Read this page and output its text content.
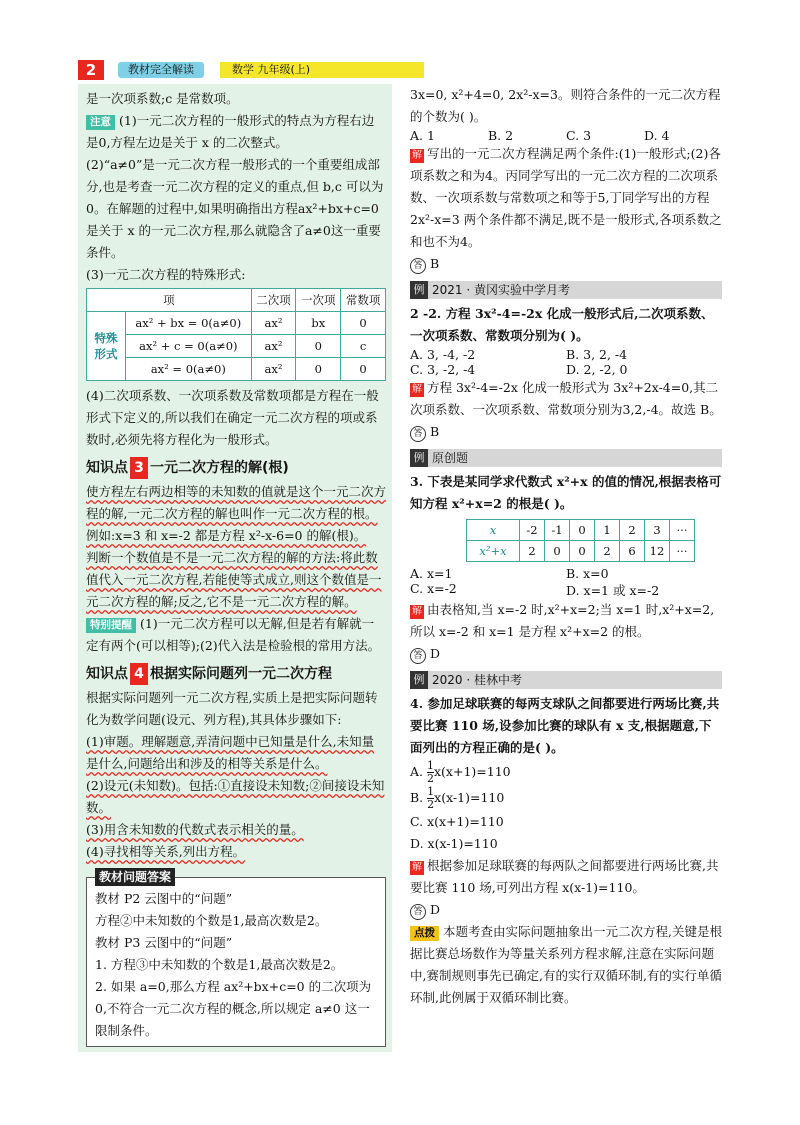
2	教材完全解读	数学 九年级(上)

是一次项系数;c 是常数项。

注意 (1)一元二次方程的一般形式的特点为方程右边是0,方程左边是关于 x 的二次整式。

(2)“a≠0”是一元二次方程一般形式的一个重要组成部分,也是考查一元二次方程的定义的重点,但 b,c 可以为0。在解题的过程中,如果明确指出方程ax²+bx+c=0是关于 x 的一元二次方程,那么就隐含了a≠0这一重要条件。

(3)一元二次方程的特殊形式:

项		二次项	一次项	常数项
特殊形式	ax² + bx = 0(a≠0)	ax²	bx	0
	ax² + c = 0(a≠0)	ax²	0	c
	ax² = 0(a≠0)	ax²	0	0

(4)二次项系数、一次项系数及常数项都是方程在一般形式下定义的,所以我们在确定一元二次方程的项或系数时,必须先将方程化为一般形式。

知识点 3 一元二次方程的解(根)

使方程左右两边相等的未知数的值就是这个一元二次方程的解,一元二次方程的解也叫作一元二次方程的根。例如:x=3 和 x=-2 都是方程 x²-x-6=0 的解(根)。

判断一个数值是不是一元二次方程的解的方法:将此数值代入一元二次方程,若能使等式成立,则这个数值是一元二次方程的解;反之,它不是一元二次方程的解。

特别提醒 (1)一元二次方程可以无解,但是若有解就一定有两个(可以相等);(2)代入法是检验根的常用方法。

知识点 4 根据实际问题列一元二次方程

根据实际问题列一元二次方程,实质上是把实际问题转化为数学问题(设元、列方程),其具体步骤如下:

(1)审题。理解题意,弄清问题中已知量是什么,未知量是什么,问题给出和涉及的相等关系是什么。

(2)设元(未知数)。包括:①直接设未知数;②间接设未知数。

(3)用含未知数的代数式表示相关的量。

(4)寻找相等关系,列出方程。

教材问题答案

教材 P2 云图中的“问题”

方程②中未知数的个数是1,最高次数是2。

教材 P3 云图中的“问题”

1. 方程③中未知数的个数是1,最高次数是2。

2. 如果 a=0,那么方程 ax²+bx+c=0 的二次项为0,不符合一元二次方程的概念,所以规定 a≠0 这一限制条件。

3x=0, x²+4=0, 2x²-x=3。则符合条件的一元二次方程的个数为( )。

A. 1	B. 2	C. 3	D. 4

解 写出的一元二次方程满足两个条件:(1)一般形式;(2)各项系数之和为4。丙同学写出的一元二次方程的二次项系数、一次项系数与常数项之和等于5,丁同学写出的方程 2x²-x=3 两个条件都不满足,既不是一般形式,各项系数之和也不为4。

答 B

例 2021 · 黄冈实验中学月考

2 -2. 方程 3x²-4=-2x 化成一般形式后,二次项系数、一次项系数、常数项分别为( )。

A. 3, -4, -2	B. 3, 2, -4
C. 3, -2, -4	D. 2, -2, 0

解 方程 3x²-4=-2x 化成一般形式为 3x²+2x-4=0,其二次项系数、一次项系数、常数项分别为3,2,-4。故选 B。

答 B

例 原创题

3. 下表是某同学求代数式 x²+x 的值的情况,根据表格可知方程 x²+x=2 的根是( )。

x	-2	-1	0	1	2	3	···
x²+x	2	0	0	2	6	12	···
A. x=1	B. x=0
C. x=-2	D. x=1 或 x=-2

解 由表格知,当 x=-2 时,x²+x=2;当 x=1 时,x²+x=2,所以 x=-2 和 x=1 是方程 x²+x=2 的根。

答 D

例 2020 · 桂林中考

4. 参加足球联赛的每两支球队之间都要进行两场比赛,共要比赛 110 场,设参加比赛的球队有 x 支,根据题意,下面列出的方程正确的是( )。

A. $\frac{1}{2}x(x+1)=110$

B. $\frac{1}{2}x(x-1)=110$

C. x(x+1)=110

D. x(x-1)=110

解 根据参加足球联赛的每两队之间都要进行两场比赛,共要比赛 110 场,可列出方程 x(x-1)=110。

答 D

点拨 本题考查由实际问题抽象出一元二次方程,关键是根据比赛总场数作为等量关系列方程求解,注意在实际问题中,赛制规则事先已确定,有的实行双循环制,有的实行单循环制,此例属于双循环制比赛。
